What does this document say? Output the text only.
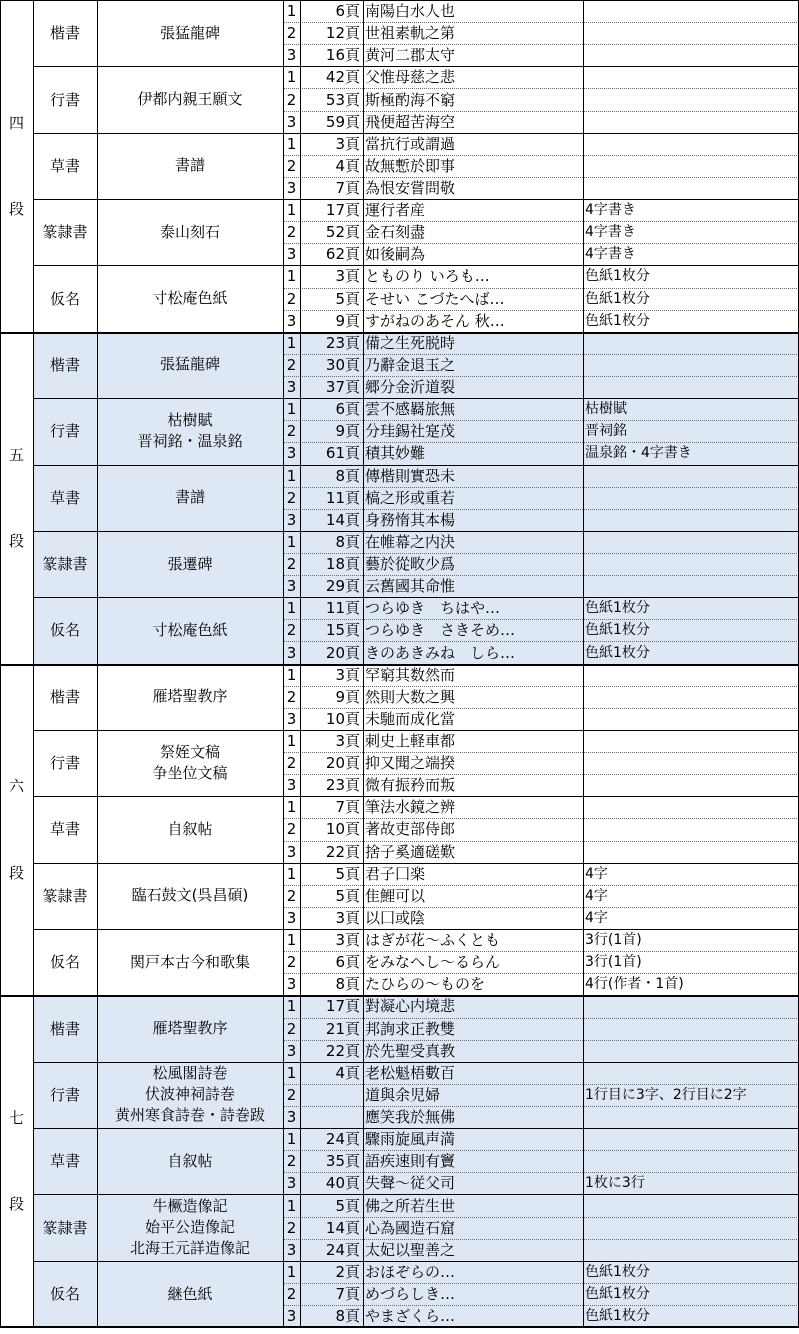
四
段
楷書	張猛龍碑
1	6頁 南陽白水人也
2	12頁 世祖素軌之第
3	16頁 黄河二郡太守
行書	伊都内親王願文
1	42頁 父惟母慈之悲
2	53頁 斯極酌海不窮
3	59頁 飛便超苦海空
草書	書譜
1	3頁 當抗行或謂過
2	4頁 故無慙於即事
3	7頁 為恨安嘗問敬
篆隷書	泰山刻石
1	17頁 運行者産	4字書き
2	52頁 金石刻盡	4字書き
3	62頁 如後嗣為	4字書き
仮名	寸松庵色紙
1	3頁 とものり いろも…	色紙1枚分
2	5頁 そせい こづたへば…	色紙1枚分
3	9頁 すがねのあそん 秋…	色紙1枚分
五
段
楷書	張猛龍碑
1	23頁 備之生死脱時
2	30頁 乃辭金退玉之
3	37頁 郷分金沂道裂
行書
枯樹賦
晋祠銘・温泉銘
1	6頁 雲不感羇旅無	枯樹賦
2	9頁 分珪錫社寔茂	晋祠銘
3	61頁 積其妙難	温泉銘・4字書き
草書	書譜
1	8頁 傳楷則實恐未
2	11頁 槁之形或重若
3	14頁 身務惰其本楊
篆隷書	張遷碑
1	8頁 在帷幕之内決
2	18頁 藝於從畋少爲
3	29頁 云舊國其命惟
仮名	寸松庵色紙
1	11頁 つらゆき　ちはや…	色紙1枚分
2	15頁 つらゆき　さきそめ…	色紙1枚分
3	20頁 きのあきみね　しら…	色紙1枚分
六
段
楷書	雁塔聖教序
1	3頁 罕窮其数然而
2	9頁 然則大数之興
3	10頁 未馳而成化當
行書
祭姪文稿
争坐位文稿
1	3頁 刺史上軽車都
2	20頁 抑又聞之端揆
3	23頁 微有振矜而叛
草書	自叙帖
1	7頁 筆法水鏡之辨
2	10頁 著故吏部侍郎
3	22頁 捨子奚適磋歎
篆隷書	臨石鼓文(呉昌碩)
1	5頁 君子囗楽	4字
2	5頁 隹鯉可以	4字
3	3頁 以囗或陰	4字
仮名	関戸本古今和歌集
1	3頁 はぎが花～ふくとも	3行(1首)
2	6頁 をみなへし～るらん	3行(1首)
3	8頁 たひらの～ものを	4行(作者・1首)
七
段
楷書	雁塔聖教序
1	17頁 對凝心内境悲
2	21頁 邦詢求正教雙
3	22頁 於先聖受真教
行書
松風閣詩巻
伏波神祠詩巻
黄州寒食詩巻・詩巻跋
1	4頁 老松魁梧數百
2	道與余児婦	1行目に3字、2行目に2字
3	應笑我於無佛
草書	自叙帖
1	24頁 驟雨旋風声満
2	35頁 語疾速則有竇
3	40頁 失聲～従父司	1枚に3行
篆隷書
牛橛造像記
始平公造像記
北海王元詳造像記
1	5頁 佛之所若生世
2	14頁 心為國造石窟
3	24頁 太妃以聖善之
仮名	継色紙
1	2頁 おほぞらの…	色紙1枚分
2	7頁 めづらしき…	色紙1枚分
3	8頁 やまざくら…	色紙1枚分
